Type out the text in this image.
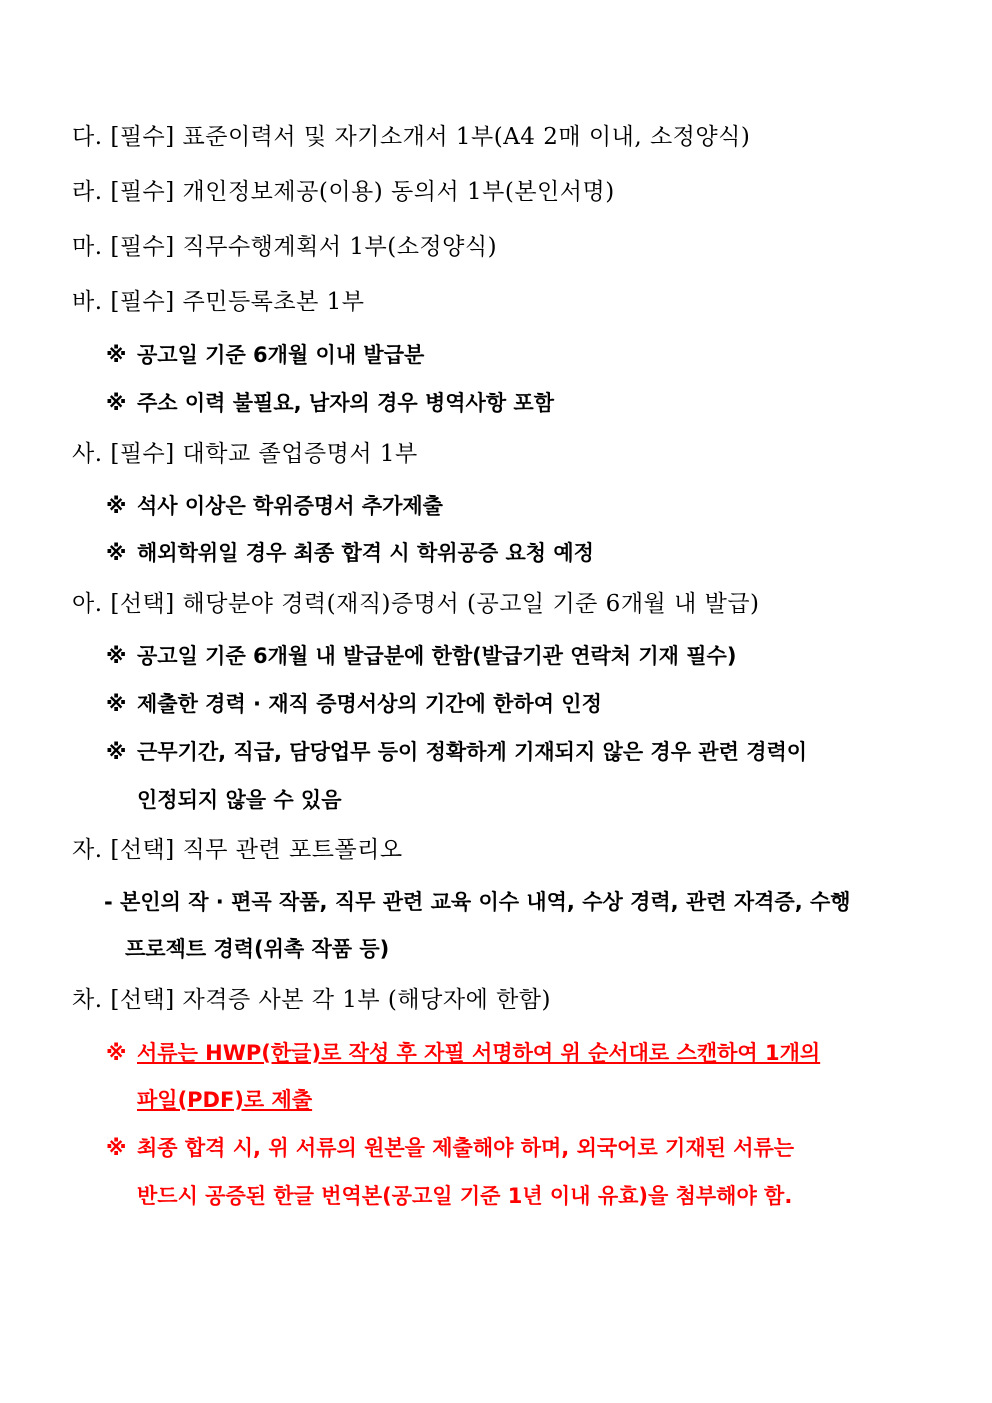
다. [필수] 표준이력서 및 자기소개서 1부(A4 2매 이내, 소정양식)
라. [필수] 개인정보제공(이용) 동의서 1부(본인서명)
마. [필수] 직무수행계획서 1부(소정양식)
바. [필수] 주민등록초본 1부
※ 공고일 기준 6개월 이내 발급분
※ 주소 이력 불필요, 남자의 경우 병역사항 포함
사. [필수] 대학교 졸업증명서 1부
※ 석사 이상은 학위증명서 추가제출
※ 해외학위일 경우 최종 합격 시 학위공증 요청 예정
아. [선택] 해당분야 경력(재직)증명서 (공고일 기준 6개월 내 발급)
※ 공고일 기준 6개월 내 발급분에 한함(발급기관 연락처 기재 필수)
※ 제출한 경력 · 재직 증명서상의 기간에 한하여 인정
※ 근무기간, 직급, 담당업무 등이 정확하게 기재되지 않은 경우 관련 경력이
인정되지 않을 수 있음
자. [선택] 직무 관련 포트폴리오
- 본인의 작 · 편곡 작품, 직무 관련 교육 이수 내역, 수상 경력, 관련 자격증, 수행
프로젝트 경력(위촉 작품 등)
차. [선택] 자격증 사본 각 1부 (해당자에 한함)
※ 서류는 HWP(한글)로 작성 후 자필 서명하여 위 순서대로 스캔하여 1개의
파일(PDF)로 제출
※ 최종 합격 시, 위 서류의 원본을 제출해야 하며, 외국어로 기재된 서류는
반드시 공증된 한글 번역본(공고일 기준 1년 이내 유효)을 첨부해야 함.
